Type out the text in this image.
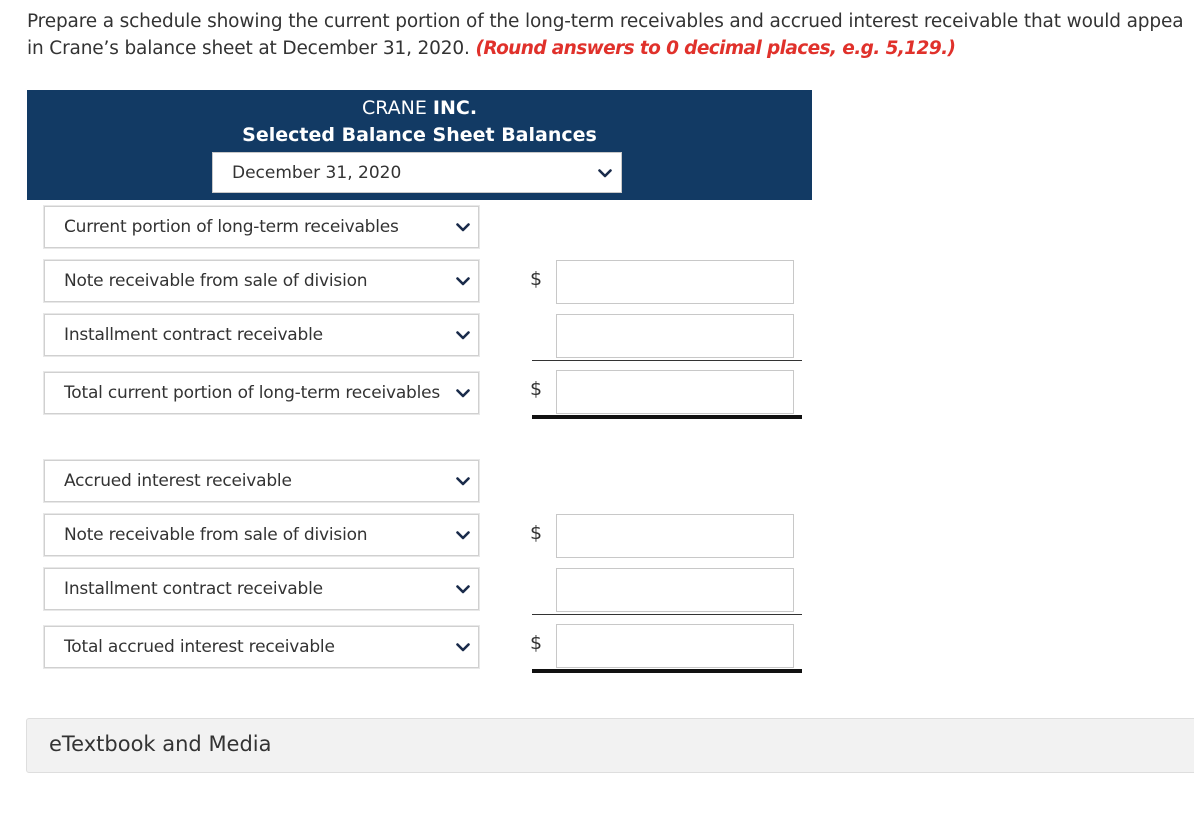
Prepare a schedule showing the current portion of the long-term receivables and accrued interest receivable that would appea
in Crane’s balance sheet at December 31, 2020. (Round answers to 0 decimal places, e.g. 5,129.)
CRANE INC.
Selected Balance Sheet Balances
December 31, 2020
Current portion of long-term receivables
Note receivable from sale of division	$
Installment contract receivable
Total current portion of long-term receivables	$
Accrued interest receivable
Note receivable from sale of division	$
Installment contract receivable
Total accrued interest receivable	$
eTextbook and Media
